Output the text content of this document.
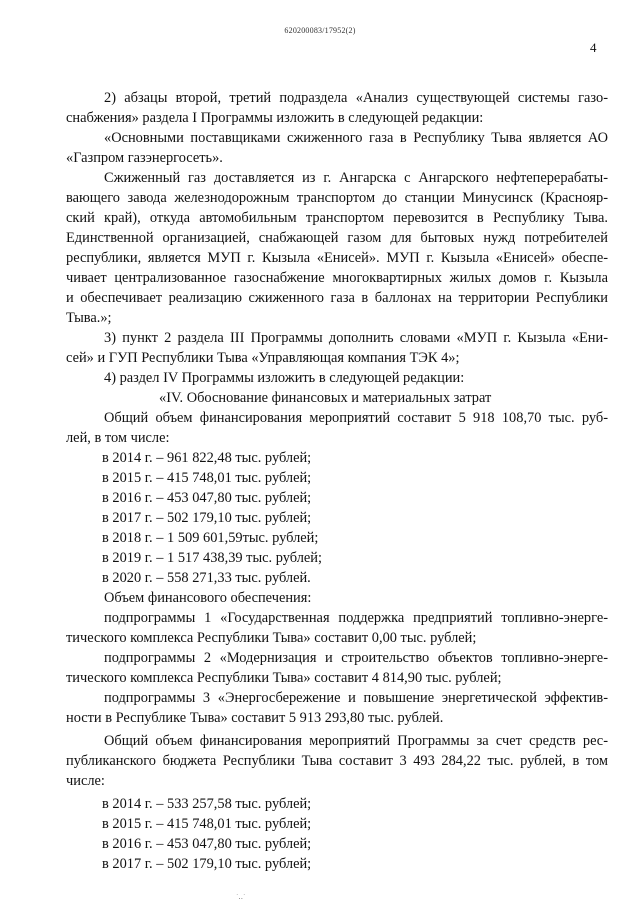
620200083/17952(2)
4

2) абзацы второй, третий подраздела «Анализ существующей системы газо-

снабжения» раздела I Программы изложить в следующей редакции:

«Основными поставщиками сжиженного газа в Республику Тыва является АО

«Газпром газэнергосеть».

Сжиженный газ доставляется из г. Ангарска с Ангарского нефтеперерабаты-

вающего завода железнодорожным транспортом до станции Минусинск (Краснояр-

ский край), откуда автомобильным транспортом перевозится в Республику Тыва.

Единственной организацией, снабжающей газом для бытовых нужд потребителей

республики, является МУП г. Кызыла «Енисей». МУП г. Кызыла «Енисей» обеспе-

чивает централизованное газоснабжение многоквартирных жилых домов г. Кызыла

и обеспечивает реализацию сжиженного газа в баллонах на территории Республики

Тыва.»;

3) пункт 2 раздела III Программы дополнить словами «МУП г. Кызыла «Ени-

сей» и ГУП Республики Тыва «Управляющая компания ТЭК 4»;

4) раздел IV Программы изложить в следующей редакции:

«IV. Обоснование финансовых и материальных затрат

Общий объем финансирования мероприятий составит 5 918 108,70 тыс. руб-

лей, в том числе:

в 2014 г. – 961 822,48 тыс. рублей;

в 2015 г. – 415 748,01 тыс. рублей;

в 2016 г. – 453 047,80 тыс. рублей;

в 2017 г. – 502 179,10 тыс. рублей;

в 2018 г. – 1 509 601,59тыс. рублей;

в 2019 г. – 1 517 438,39 тыс. рублей;

в 2020 г. – 558 271,33 тыс. рублей.

Объем финансового обеспечения:

подпрограммы 1 «Государственная поддержка предприятий топливно-энерге-

тического комплекса Республики Тыва» составит 0,00 тыс. рублей;

подпрограммы 2 «Модернизация и строительство объектов топливно-энерге-

тического комплекса Республики Тыва» составит 4 814,90 тыс. рублей;

подпрограммы 3 «Энергосбережение и повышение энергетической эффектив-

ности в Республике Тыва» составит 5 913 293,80 тыс. рублей.

Общий объем финансирования мероприятий Программы за счет средств рес-

публиканского бюджета Республики Тыва составит 3 493 284,22 тыс. рублей, в том

числе:

в 2014 г. – 533 257,58 тыс. рублей;

в 2015 г. – 415 748,01 тыс. рублей;

в 2016 г. – 453 047,80 тыс. рублей;

в 2017 г. – 502 179,10 тыс. рублей;

˙‥˙
